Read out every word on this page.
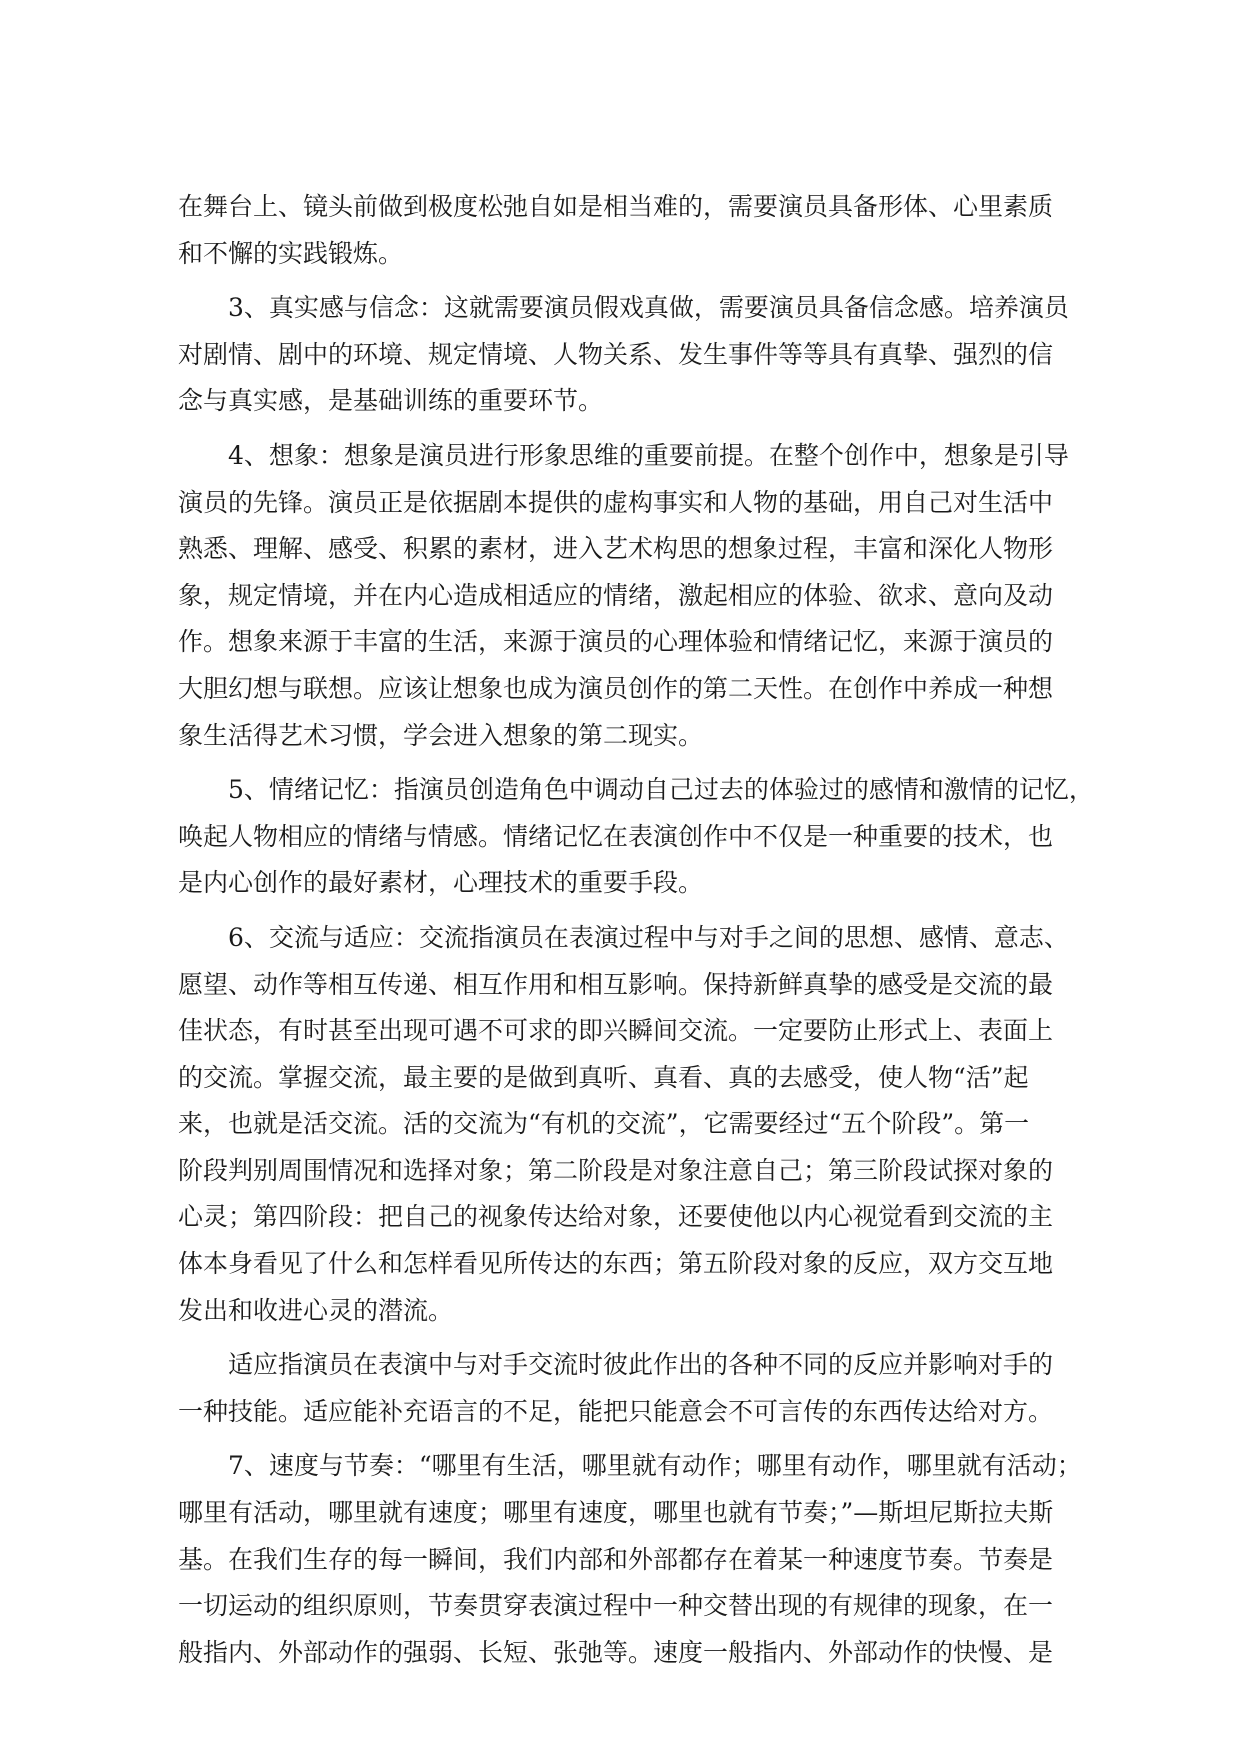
在舞台上、镜头前做到极度松弛自如是相当难的，需要演员具备形体、心里素质
和不懈的实践锻炼。
3、真实感与信念：这就需要演员假戏真做，需要演员具备信念感。培养演员
对剧情、剧中的环境、规定情境、人物关系、发生事件等等具有真挚、强烈的信
念与真实感，是基础训练的重要环节。
4、想象：想象是演员进行形象思维的重要前提。在整个创作中，想象是引导
演员的先锋。演员正是依据剧本提供的虚构事实和人物的基础，用自己对生活中
熟悉、理解、感受、积累的素材，进入艺术构思的想象过程，丰富和深化人物形
象，规定情境，并在内心造成相适应的情绪，激起相应的体验、欲求、意向及动
作。想象来源于丰富的生活，来源于演员的心理体验和情绪记忆，来源于演员的
大胆幻想与联想。应该让想象也成为演员创作的第二天性。在创作中养成一种想
象生活得艺术习惯，学会进入想象的第二现实。
5、情绪记忆：指演员创造角色中调动自己过去的体验过的感情和激情的记忆，
唤起人物相应的情绪与情感。情绪记忆在表演创作中不仅是一种重要的技术，也
是内心创作的最好素材，心理技术的重要手段。
6、交流与适应：交流指演员在表演过程中与对手之间的思想、感情、意志、
愿望、动作等相互传递、相互作用和相互影响。保持新鲜真挚的感受是交流的最
佳状态，有时甚至出现可遇不可求的即兴瞬间交流。一定要防止形式上、表面上
的交流。掌握交流，最主要的是做到真听、真看、真的去感受，使人物“活”起
来，也就是活交流。活的交流为“有机的交流”，它需要经过“五个阶段”。第一
阶段判别周围情况和选择对象；第二阶段是对象注意自己；第三阶段试探对象的
心灵；第四阶段：把自己的视象传达给对象，还要使他以内心视觉看到交流的主
体本身看见了什么和怎样看见所传达的东西；第五阶段对象的反应，双方交互地
发出和收进心灵的潜流。
适应指演员在表演中与对手交流时彼此作出的各种不同的反应并影响对手的
一种技能。适应能补充语言的不足，能把只能意会不可言传的东西传达给对方。
7、速度与节奏：“哪里有生活，哪里就有动作；哪里有动作，哪里就有活动；
哪里有活动，哪里就有速度；哪里有速度，哪里也就有节奏；”—斯坦尼斯拉夫斯
基。在我们生存的每一瞬间，我们内部和外部都存在着某一种速度节奏。节奏是
一切运动的组织原则，节奏贯穿表演过程中一种交替出现的有规律的现象，在一
般指内、外部动作的强弱、长短、张弛等。速度一般指内、外部动作的快慢、是
